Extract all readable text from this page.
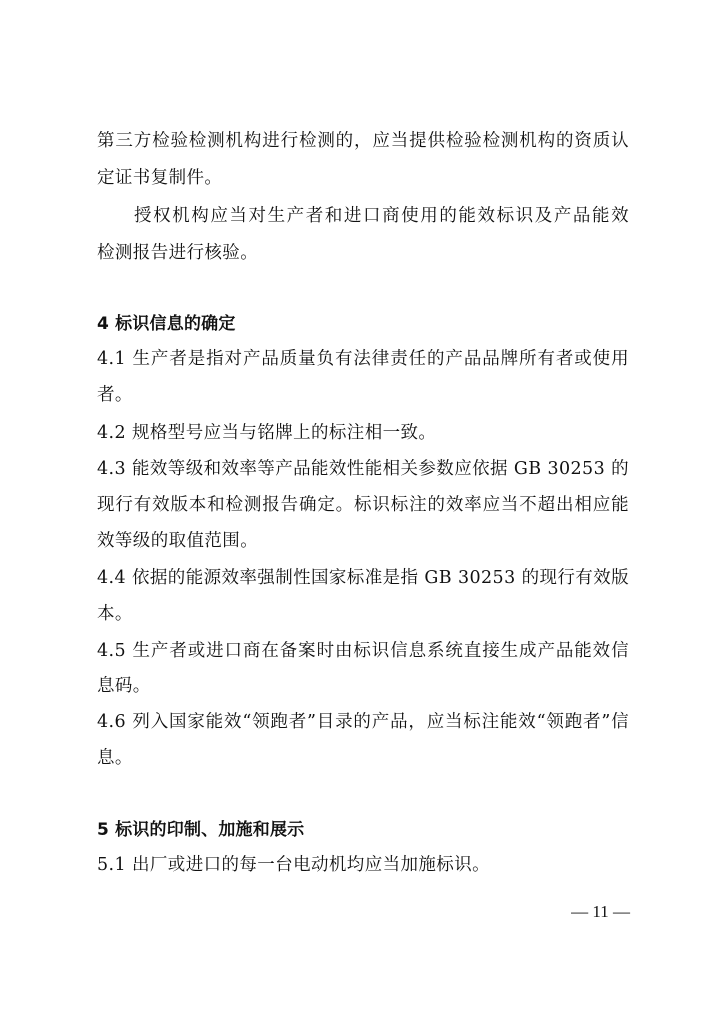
第三方检验检测机构进行检测的，应当提供检验检测机构的资质认
定证书复制件。
授权机构应当对生产者和进口商使用的能效标识及产品能效
检测报告进行核验。
4 标识信息的确定
4.1 生产者是指对产品质量负有法律责任的产品品牌所有者或使用
者。
4.2 规格型号应当与铭牌上的标注相一致。
4.3 能效等级和效率等产品能效性能相关参数应依据 GB 30253 的
现行有效版本和检测报告确定。标识标注的效率应当不超出相应能
效等级的取值范围。
4.4 依据的能源效率强制性国家标准是指 GB 30253 的现行有效版
本。
4.5 生产者或进口商在备案时由标识信息系统直接生成产品能效信
息码。
4.6 列入国家能效“领跑者”目录的产品，应当标注能效“领跑者”信
息。
5 标识的印制、加施和展示
5.1 出厂或进口的每一台电动机均应当加施标识。
— 11 —
